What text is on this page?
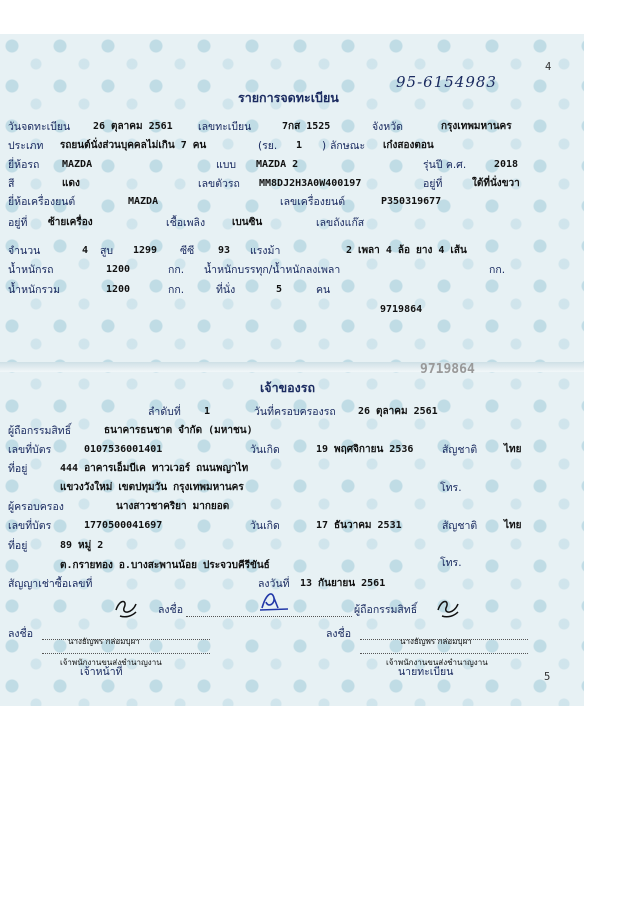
4
5
95-6154983
รายการจดทะเบียน
วันจดทะเบียน 26 ตุลาคม 2561 เลขทะเบียน	7กส 1525	จังหวัด	กรุงเทพมหานคร
ประเภท รถยนต์นั่งส่วนบุคคลไม่เกิน 7 คน	(รย. 1 ) ลักษณะ เก๋งสองตอน
ยี่ห้อรถ MAZDA	แบบ MAZDA 2	รุ่นปี ค.ศ.	2018
สี	แดง	เลขตัวรถ MM8DJ2H3A0W400197	อยู่ที่	ใต้ที่นั่งขวา
ยี่ห้อเครื่องยนต์	MAZDA	เลขเครื่องยนต์	P350319677
อยู่ที่ ซ้ายเครื่อง	เชื้อเพลิง	เบนซิน	เลขถังแก๊ส
จำนวน	4 สูบ 1299 ซีซี 93 แรงม้า	2 เพลา 4 ล้อ ยาง 4 เส้น
น้ำหนักรถ	1200	กก. น้ำหนักบรรทุก/น้ำหนักลงเพลา	กก.
น้ำหนักรวม	1200	กก.	ที่นั่ง	5	คน
9719864
9719864
เจ้าของรถ
ลำดับที่ 1	วันที่ครอบครองรถ 26 ตุลาคม 2561
ผู้ถือกรรมสิทธิ์	ธนาคารธนชาต จำกัด (มหาชน)
เลขที่บัตร	0107536001401	วันเกิด	19 พฤศจิกายน 2536	สัญชาติ	ไทย
ที่อยู่	444 อาคารเอ็มบีเค ทาวเวอร์ ถนนพญาไท
แขวงวังใหม่ เขตปทุมวัน กรุงเทพมหานคร	โทร.
ผู้ครอบครอง	นางสาวชาคริยา มากยอด
เลขที่บัตร	1770500041697	วันเกิด	17 ธันวาคม 2531	สัญชาติ	ไทย
ที่อยู่	89 หมู่ 2
ต.กรายทอง อ.บางสะพานน้อย ประจวบคีรีขันธ์	โทร.
สัญญาเช่าซื้อเลขที่	ลงวันที่ 13 กันยายน 2561
ลงชื่อ	ผู้ถือกรรมสิทธิ์
ลงชื่อ
นางธัญพร กล่อมบุผา
เจ้าพนักงานขนส่งชำนาญงาน
เจ้าหน้าที่
ลงชื่อ
นางธัญพร กล่อมบุผา
เจ้าพนักงานขนส่งชำนาญงาน
นายทะเบียน
